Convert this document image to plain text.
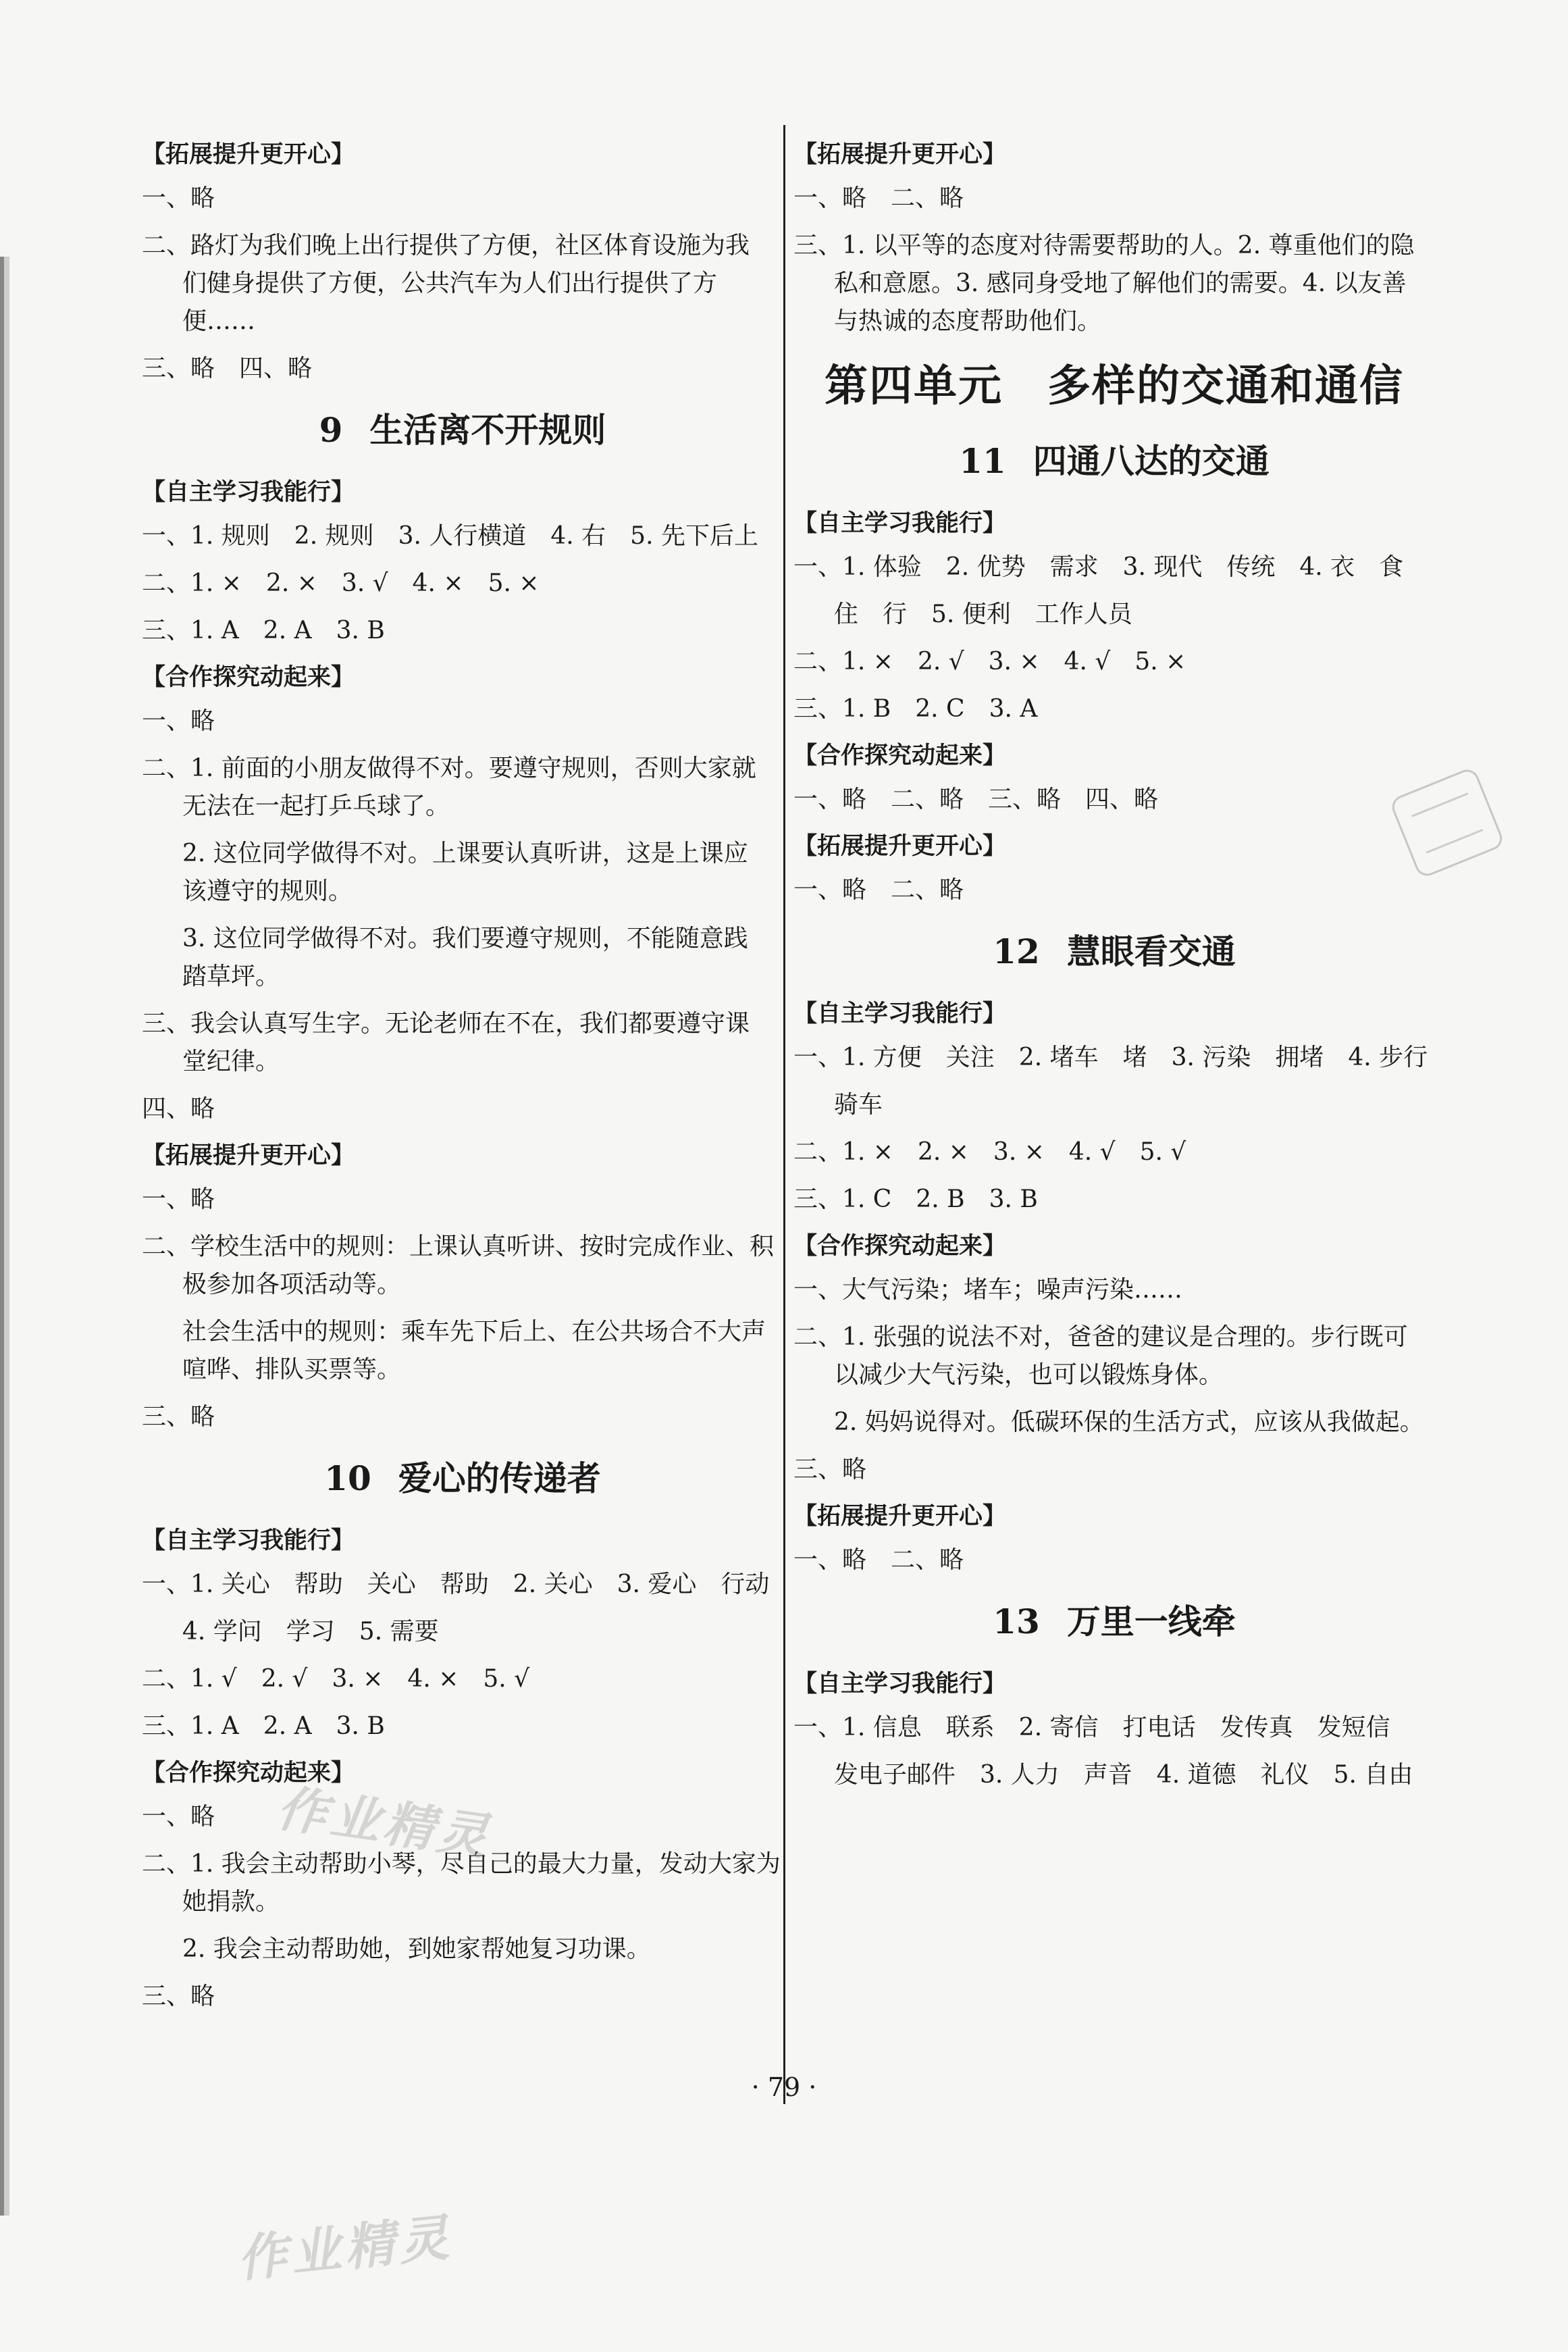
【拓展提升更开心】
一、略
二、路灯为我们晚上出行提供了方便，社区体育设施为我
们健身提供了方便，公共汽车为人们出行提供了方
便……
三、略　四、略
9 生活离不开规则
【自主学习我能行】
一、1. 规则　2. 规则　3. 人行横道　4. 右　5. 先下后上
二、1. ×　2. ×　3. √　4. ×　5. ×
三、1. A　2. A　3. B
【合作探究动起来】
一、略
二、1. 前面的小朋友做得不对。要遵守规则，否则大家就
无法在一起打乒乓球了。
2. 这位同学做得不对。上课要认真听讲，这是上课应
该遵守的规则。
3. 这位同学做得不对。我们要遵守规则，不能随意践
踏草坪。
三、我会认真写生字。无论老师在不在，我们都要遵守课
堂纪律。
四、略
【拓展提升更开心】
一、略
二、学校生活中的规则：上课认真听讲、按时完成作业、积
极参加各项活动等。
社会生活中的规则：乘车先下后上、在公共场合不大声
喧哗、排队买票等。
三、略
10 爱心的传递者
【自主学习我能行】
一、1. 关心　帮助　关心　帮助　2. 关心　3. 爱心　行动
4. 学问　学习　5. 需要
二、1. √　2. √　3. ×　4. ×　5. √
三、1. A　2. A　3. B
【合作探究动起来】
一、略
二、1. 我会主动帮助小琴，尽自己的最大力量，发动大家为
她捐款。
2. 我会主动帮助她，到她家帮她复习功课。
三、略
【拓展提升更开心】
一、略　二、略
三、1. 以平等的态度对待需要帮助的人。2. 尊重他们的隐
私和意愿。3. 感同身受地了解他们的需要。4. 以友善
与热诚的态度帮助他们。
第四单元　多样的交通和通信
11 四通八达的交通
【自主学习我能行】
一、1. 体验　2. 优势　需求　3. 现代　传统　4. 衣　食
住　行　5. 便利　工作人员
二、1. ×　2. √　3. ×　4. √　5. ×
三、1. B　2. C　3. A
【合作探究动起来】
一、略　二、略　三、略　四、略
【拓展提升更开心】
一、略　二、略
12 慧眼看交通
【自主学习我能行】
一、1. 方便　关注　2. 堵车　堵　3. 污染　拥堵　4. 步行
骑车
二、1. ×　2. ×　3. ×　4. √　5. √
三、1. C　2. B　3. B
【合作探究动起来】
一、大气污染；堵车；噪声污染……
二、1. 张强的说法不对，爸爸的建议是合理的。步行既可
以减少大气污染，也可以锻炼身体。
2. 妈妈说得对。低碳环保的生活方式，应该从我做起。
三、略
【拓展提升更开心】
一、略　二、略
13 万里一线牵
【自主学习我能行】
一、1. 信息　联系　2. 寄信　打电话　发传真　发短信
发电子邮件　3. 人力　声音　4. 道德　礼仪　5. 自由
作业精灵
作业精灵
· 79 ·
